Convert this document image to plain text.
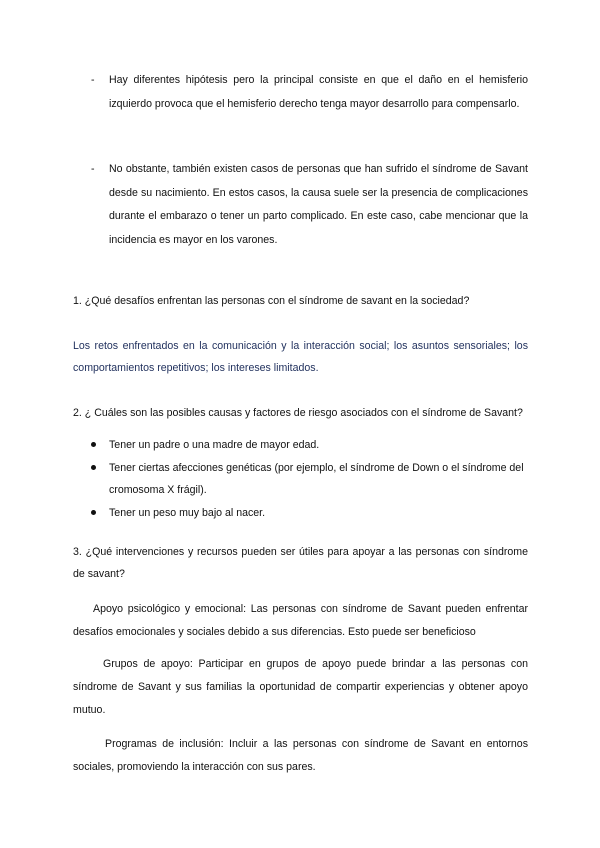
- Hay diferentes hipótesis pero la principal consiste en que el daño en el hemisferio izquierdo provoca que el hemisferio derecho tenga mayor desarrollo para compensarlo.
- No obstante, también existen casos de personas que han sufrido el síndrome de Savant desde su nacimiento. En estos casos, la causa suele ser la presencia de complicaciones durante el embarazo o tener un parto complicado. En este caso, cabe mencionar que la incidencia es mayor en los varones.
1. ¿Qué desafíos enfrentan las personas con el síndrome de savant en la sociedad?
Los retos enfrentados en la comunicación y la interacción social; los asuntos sensoriales; los comportamientos repetitivos; los intereses limitados.
2. ¿ Cuáles son las posibles causas y factores de riesgo asociados con el síndrome de Savant?
Tener un padre o una madre de mayor edad.
Tener ciertas afecciones genéticas (por ejemplo, el síndrome de Down o el síndrome del cromosoma X frágil).
Tener un peso muy bajo al nacer.
3. ¿Qué intervenciones y recursos pueden ser útiles para apoyar a las personas con síndrome de savant?
Apoyo psicológico y emocional: Las personas con síndrome de Savant pueden enfrentar desafíos emocionales y sociales debido a sus diferencias. Esto puede ser beneficioso
Grupos de apoyo: Participar en grupos de apoyo puede brindar a las personas con síndrome de Savant y sus familias la oportunidad de compartir experiencias y obtener apoyo mutuo.
Programas de inclusión: Incluir a las personas con síndrome de Savant en entornos sociales, promoviendo la interacción con sus pares.
